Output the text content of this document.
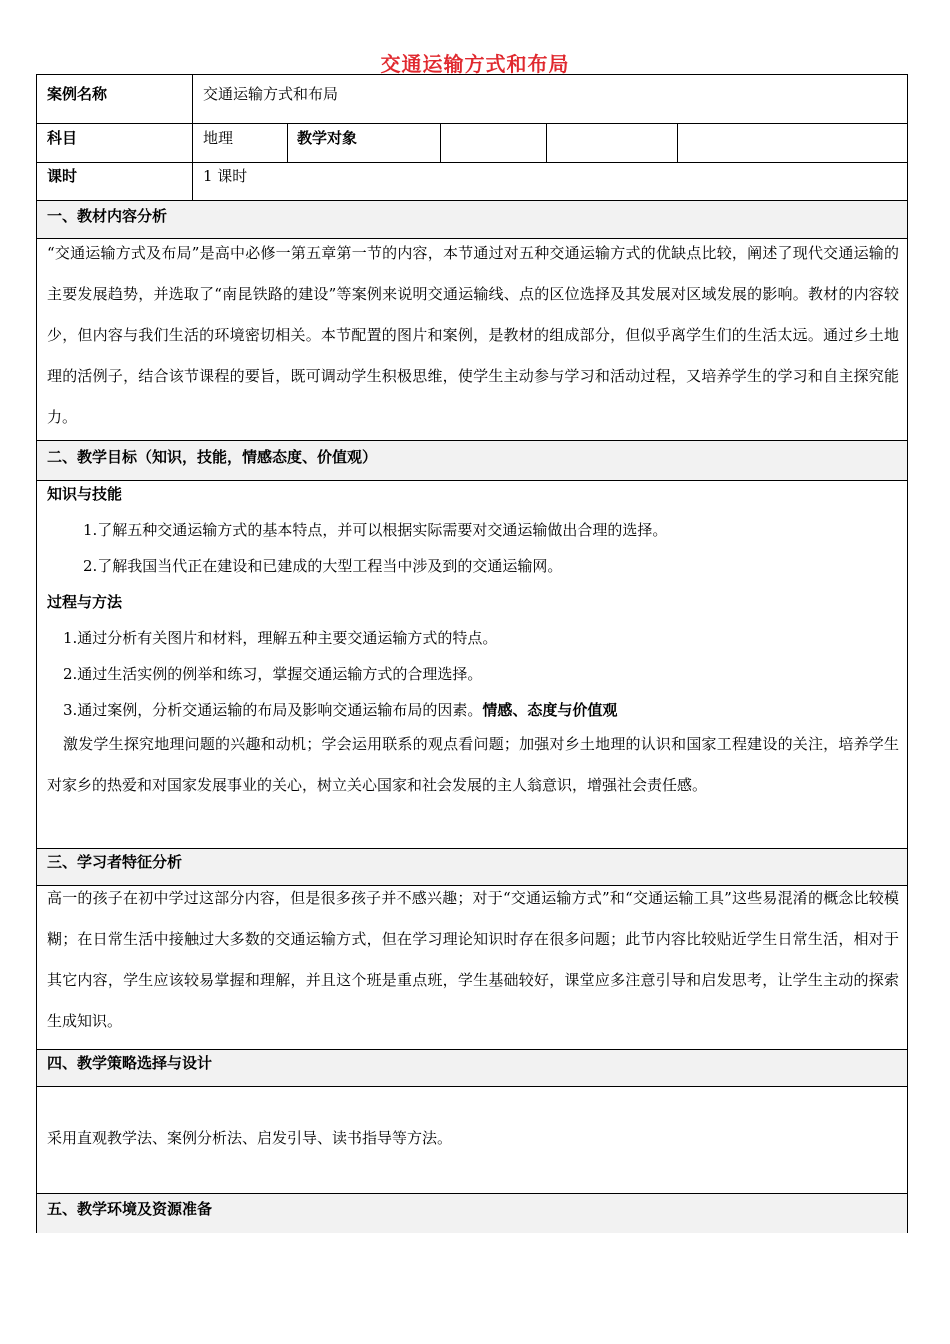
交通运输方式和布局
案例名称	交通运输方式和布局
科目	地理	教学对象
课时	1 课时
一、教材内容分析

“交通运输方式及布局”是高中必修一第五章第一节的内容，本节通过对五种交通运输方式的优缺点比较，阐述了现代交通运输的主要发展趋势，并选取了“南昆铁路的建设”等案例来说明交通运输线、点的区位选择及其发展对区域发展的影响。教材的内容较少，但内容与我们生活的环境密切相关。本节配置的图片和案例，是教材的组成部分，但似乎离学生们的生活太远。通过乡土地理的活例子，结合该节课程的要旨，既可调动学生积极思维，使学生主动参与学习和活动过程，又培养学生的学习和自主探究能力。

二、教学目标（知识，技能，情感态度、价值观）
知识与技能
1.了解五种交通运输方式的基本特点，并可以根据实际需要对交通运输做出合理的选择。
2.了解我国当代正在建设和已建成的大型工程当中涉及到的交通运输网。
过程与方法
1.通过分析有关图片和材料，理解五种主要交通运输方式的特点。
2.通过生活实例的例举和练习，掌握交通运输方式的合理选择。
3.通过案例，分析交通运输的布局及影响交通运输布局的因素。情感、态度与价值观

激发学生探究地理问题的兴趣和动机；学会运用联系的观点看问题；加强对乡土地理的认识和国家工程建设的关注，培养学生对家乡的热爱和对国家发展事业的关心，树立关心国家和社会发展的主人翁意识，增强社会责任感。

三、学习者特征分析

高一的孩子在初中学过这部分内容，但是很多孩子并不感兴趣；对于“交通运输方式”和“交通运输工具”这些易混淆的概念比较模糊；在日常生活中接触过大多数的交通运输方式，但在学习理论知识时存在很多问题；此节内容比较贴近学生日常生活，相对于其它内容，学生应该较易掌握和理解，并且这个班是重点班，学生基础较好，课堂应多注意引导和启发思考，让学生主动的探索生成知识。

四、教学策略选择与设计
采用直观教学法、案例分析法、启发引导、读书指导等方法。
五、教学环境及资源准备
